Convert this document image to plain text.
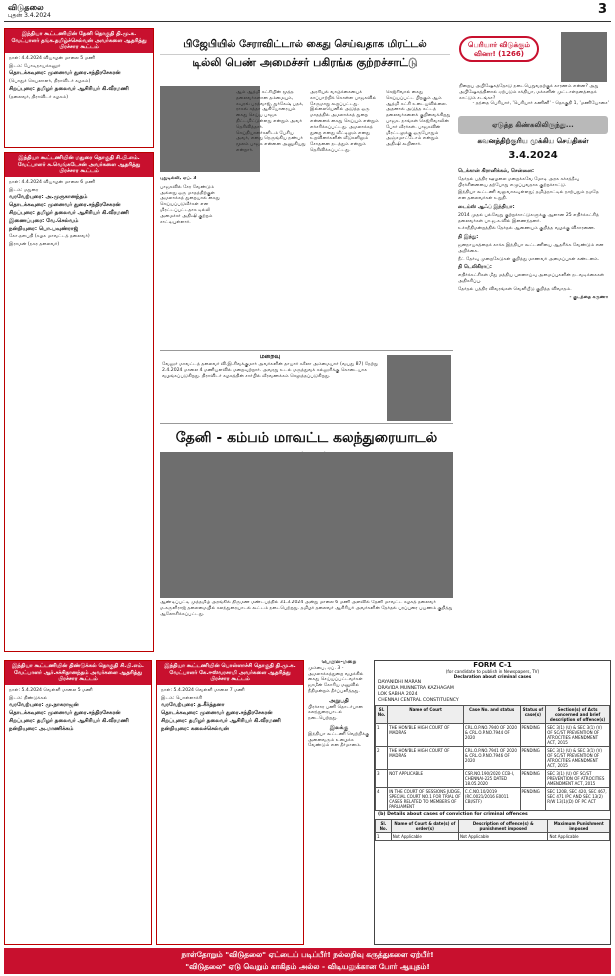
விடுதலை
புதன் 3.4.2024	3
இந்தியா கூட்டணியின் தேனி தொகுதி தி.மு.க. வேட்பாளர் தங்க.தமிழ்ச்செல்வன் அவர்களை ஆதரித்து பிரச்சார கூட்டம்

நாள்: 4.4.2024 வியாழன் மாலை 5 மணி

இடம்: போடிநாயக்கனூர்

தொடக்கவுரை: முனைவர் துரை.சந்திரசேகரன்

(பொதுச் செயலாளர், திராவிடர் கழகம்)

சிறப்புரை: தமிழர் தலைவர் ஆசிரியர் கி.வீரமணி

(தலைவர், திராவிடர் கழகம்)

இந்தியா கூட்டணியின் மதுரை தொகுதி சி.பி.எம். வேட்பாளர் சு.வெங்கடேசன் அவர்களை ஆதரித்து பிரச்சார கூட்டம்

நாள்: 4.4.2024 வியாழன் மாலை 6 மணி

இடம்: மதுரை

வரவேற்புரை: அ.முருகானந்தம்

தொடக்கவுரை: முனைவர் துரை.சந்திரசேகரன்

சிறப்புரை: தமிழர் தலைவர் ஆசிரியர் கி.வீரமணி

இணைப்புரை: வே.செல்வம்

நன்றியுரை: பொ.பவுண்ராஜ்

கோ.தளபதி (கழக மாவட்டத் தலைவர்)

இராமன் (நகர தலைவர்)

பிஜேபியில் சேராவிட்டால் கைது செய்வதாக மிரட்டல்
டில்லி பெண் அமைச்சர் பகிரங்க குற்றச்சாட்டு

புதுடில்லி, ஏப். 3

பாஜகவில் சேர வேண்டும் அல்லது ஒரு மாதத்திற்குள் அமலாக்கத் துறையால் கைது செய்யப்படுவீர்கள் என மிரட்டப்பட்டதாக டில்லி அமைச்சர் அதிஷி குற்றம் சாட்டியுள்ளார்.

ஆம் ஆத்மி கட்சியின் மூத்த தலைவர்களான தம்மையும், சவுரவ் பரத்வாஜ், துர்கேஷ் பதக், ராகவ் சத்தா ஆகியோரையும் கைது செய்ய பாஜக திட்டமிட்டுள்ளது என்றும் அவர் தெரிவித்தார். செய்தியாளர்களிடம் பேசிய அவர், எனது நெருங்கிய நண்பர் மூலம் பாஜக என்னை அணுகியது என்றார்.

அரசியல் வாழ்க்கையைக் காப்பாற்றிக் கொள்ள பாஜகவில் சேருமாறு கூறப்பட்டது. இல்லையெனில் அடுத்த ஒரு மாதத்தில் அமலாக்கத் துறை என்னைக் கைது செய்யும் என்றும் எச்சரிக்கப்பட்டது. அமலாக்கத் துறை எனது வீட்டிலும் எனது உறவினர்களின் வீடுகளிலும் சோதனை நடத்தும் என்றும் தெரிவிக்கப்பட்டது.

கெஜ்ரிவால் கைது செய்யப்பட்ட பிறகும் ஆம் ஆத்மி கட்சி உடையவில்லை. அதனால் அடுத்த கட்டத் தலைவர்களைக் குறிவைக்கிறது பாஜக. நாங்கள் கெஜ்ரிவாலின் போர் வீரர்கள். பாஜகவின் மிரட்டலுக்கு ஒருபோதும் அஞ்சமாட்டோம் என்றும் அதிஷி கூறினார்.

பெரியார் விடுக்கும் வினா! (1266)

நிறைய அபிஷேகத்தோடு நடைபெறுவதற்குக் காரணம் என்ன? அது அபிஷேகத்தினால் ஏற்படும் சக்தியா, மக்களின் முட்டாள்தனத்தைக் காட்டும் சடங்கா?

- தந்தை பெரியார், 'பெரியார் கணினி' - தொகுதி 1, 'மணியோசை'

ஏடுத்த கிண்கலிலிருந்து...
கவனத்திற்குரிய முக்கிய செய்திகள்
3.4.2024
டெக்கான் கிரானிக்கல், சென்னை:

தேர்தல் பத்திர ஊழலை மறைக்கவே மோடி அரசு கச்சத்தீவு பிரச்சினையை தற்போது எழுப்புவதாக குற்றச்சாட்டு.

இந்தியா கூட்டணி வலுவாகவுள்ளது; தமிழ்நாட்டில் நாற்பதும் நமதே என தலைவர்கள் உறுதி.

டைம்ஸ் ஆஃப் இந்தியா:

2014 முதல் பல்வேறு குற்றச்சாட்டுகளுக்கு ஆளான 25 எதிர்க்கட்சித் தலைவர்கள் பா.ஜ.க.வில் இணைந்தனர்.

உச்சநீதிமன்றத்தில் தேர்தல் ஆணையம் குறித்த வழக்கு விசாரணை.

தி இந்து:

ஜனநாயகத்தைக் காக்க இந்தியா கூட்டணியை ஆதரிக்க வேண்டும் என அறிக்கை.

நீட் தேர்வு முறைகேடுகள் குறித்து மாணவர் அமைப்புகள் கண்டனம்.

தி டெலிகிராப்:

எதிர்க்கட்சிகள் மீது மத்திய புலனாய்வு அமைப்புகளின் நடவடிக்கைகள் அதிகரிப்பு.

தேர்தல் பத்திர விவரங்கள் வெளியீடு குறித்த விவாதம்.

- குடந்தை கருணா

மறைவு
வேலூர் மாவட்டத் தலைவர் வி.இ.சிவக்குமார் அவர்களின் தாயார் சுசீலா அம்மையார் (வயது 87) நேற்று 2.4.2024 மாலை 4 மணியளவில் மறைவுற்றார். அவரது உடல் மருத்துவக் கல்லூரிக்கு கொடையாக வழங்கப்படுகிறது. திராவிடர் கழகத்தின் சார்பில் வீரவணக்கம் செலுத்தப்படுகிறது.
தேனி - கம்பம் மாவட்ட கலந்துரையாடல்
ஆண்டிப்பட்டி முத்தமிழ் அரங்கில் திருமண மண்டபத்தில் 31.3.2024 அன்று மாலை 6 மணி அளவில் தேனி மாவட்ட கழகத் தலைவர் ம.சுருளிராஜ் தலைமையில் கலந்துரையாடல் கூட்டம் நடைபெற்றது. தமிழர் தலைவர் ஆசிரியர் அவர்களின் தேர்தல் பரப்புரை பயணம் குறித்து ஆலோசிக்கப்பட்டது.
இந்தியா கூட்டணியின் திண்டுக்கல் தொகுதி சி.பி.எம். வேட்பாளர் ஆர்.சச்சிதானந்தம் அவர்களை ஆதரித்து பிரச்சார கூட்டம்

நாள்: 5.4.2024 வெள்ளி மாலை 5 மணி

இடம்: திண்டுக்கல்

வரவேற்புரை: மு.நாகராஜன்

தொடக்கவுரை: முனைவர் துரை.சந்திரசேகரன்

சிறப்புரை: தமிழர் தலைவர் ஆசிரியர் கி.வீரமணி

நன்றியுரை: அ.மாணிக்கம்

இந்தியா கூட்டணியின் பொள்ளாச்சி தொகுதி தி.மு.க. வேட்பாளர் கே.ஈஸ்வரசாமி அவர்களை ஆதரித்து பிரச்சார கூட்டம்

நாள்: 5.4.2024 வெள்ளி மாலை 7 மணி

இடம்: பொள்ளாச்சி

வரவேற்புரை: த.கீர்த்தனா

தொடக்கவுரை: முனைவர் துரை.சந்திரசேகரன்

சிறப்புரை: தமிழர் தலைவர் ஆசிரியர் கி.வீரமணி

நன்றியுரை: கலைச்செல்வன்

பெயில்-மறை

மும்பை, ஏப். 3 - அமலாக்கத்துறை வழக்கில் கைது செய்யப்பட்டவர்கள் ஜாமீன் கோரிய மனுவில் நீதிமன்றம் தீர்ப்பளித்தது.

அறுபதி

பிரச்சார பணி தொடர்பான கலந்துரையாடல் நடைபெற்றது.

இலக்கு

இந்தியா கூட்டணி வெற்றிக்கு அனைவரும் உழைக்க வேண்டும் என தீர்மானம்.

FORM C-1
(for candidate to publish in Newspapers, TV)
Declaration about criminal cases
DAYANIDHI MARAN
DRAVIDA MUNNETRA KAZHAGAM
LOK SABHA 2024
CHENNAI CENTRAL CONSTITUENCY
Sl. No.	Name of Court	Case No. and status	Status of case(s)	Section(s) of Acts concerned and brief description of offence(s)
1	THE HON'BLE HIGH COURT OF MADRAS	CRL.O.P.NO.7940 OF 2020 & CRL.O.P.NO.7944 OF 2020	PENDING	SEC 3(1) (U) & SEC 3(1) (V) OF SC/ST PREVENTION OF ATROCITIES AMENDMENT ACT, 2015
2	THE HON'BLE HIGH COURT OF MADRAS	CRL.O.P.NO.7941 OF 2020 & CRL.O.P.NO.7946 OF 2020	PENDING	SEC 3(1) (U) & SEC 3(1) (V) OF SC/ST PREVENTION OF ATROCITIES AMENDMENT ACT, 2015
3	NOT APPLICABLE	CSR.NO.190/2020 CCB-I, CHENNAI-225 DATED 18.05.2020	PENDING	SEC 3(1) (U) OF SC/ST PREVENTION OF ATROCITIES AMENDMENT ACT, 2015
4	IN THE COURT OF SESSIONS JUDGE, SPECIAL COURT NO.1 FOR TRIAL OF CASES RELATED TO MEMBERS OF PARLIAMENT	C.C.NO.10/2019 (RC.0021/2016 E0011 CBI/STF)	PENDING	SEC 120B, SEC 420, SEC 467, SEC 471 IPC AND SEC 13(2) R/W 13(1)(D) OF PC ACT
(b) Details about cases of conviction for criminal offences
Sl. No.	Name of Court & date(s) of order(s)	Description of offence(s) & punishment imposed	Maximum Punishment imposed
1	Not Applicable	Not Applicable	Not Applicable
நாள்தோறும் "விடுதலை" ஏட்டைப் படிப்பீர்! நல்லறிவு கருத்துகளை ஏற்பீர்!
"விடுதலை" ஏடு வெறும் காகிதம் அல்ல - விடியலுக்கான போர் ஆயுதம்!
